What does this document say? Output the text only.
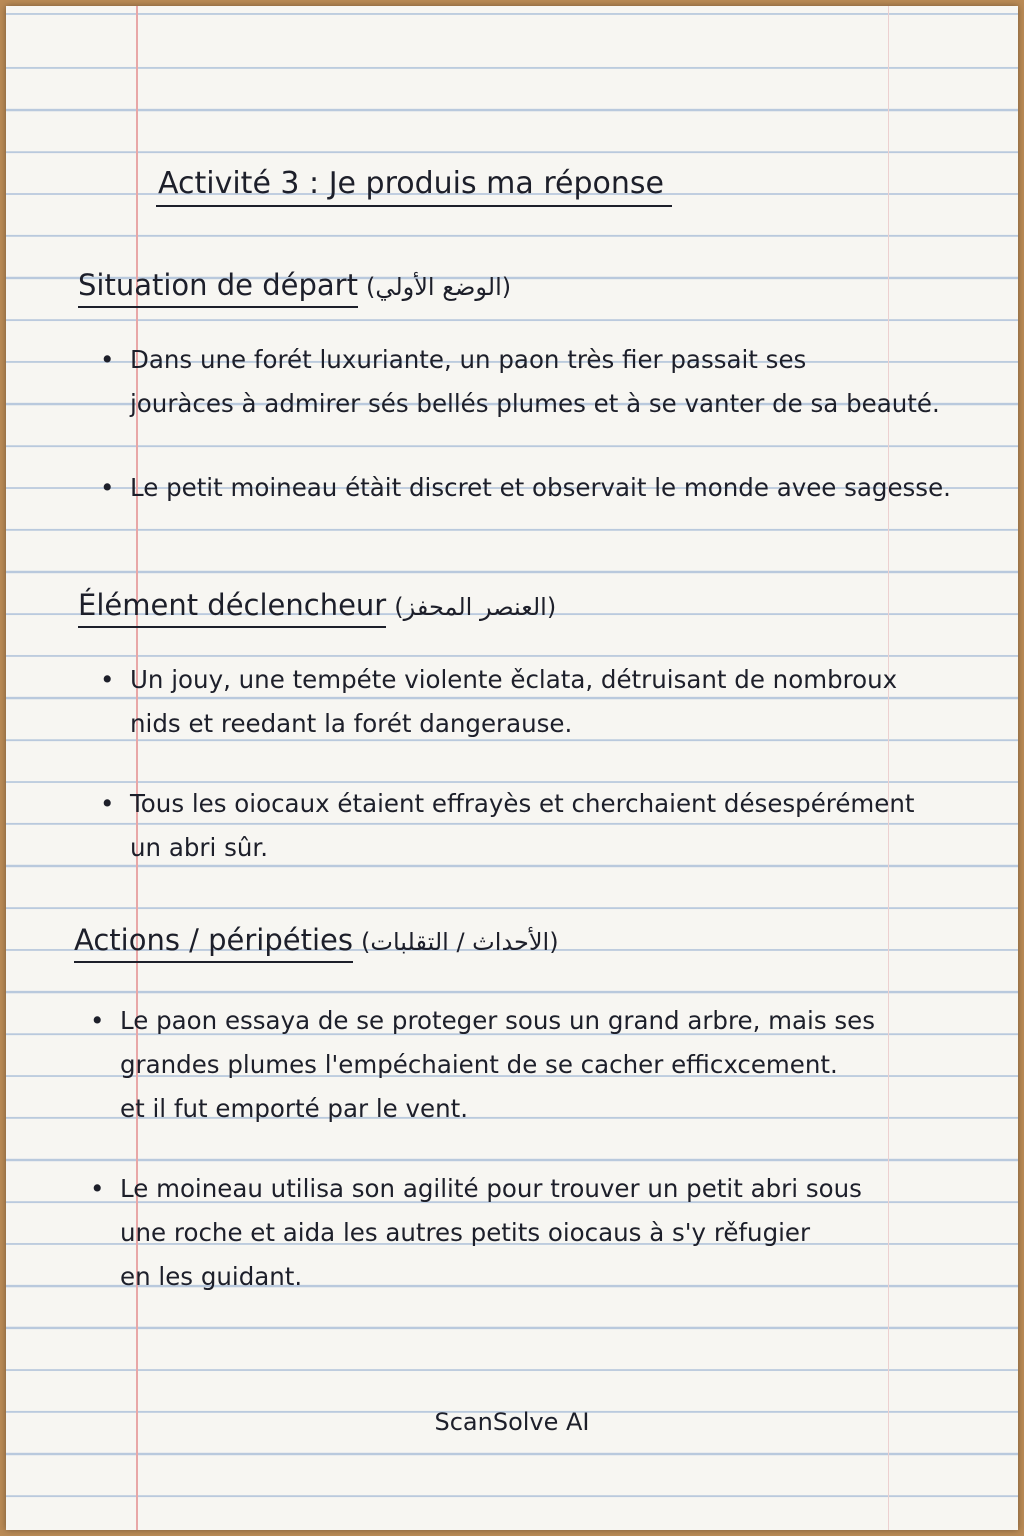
Activité 3 : Je produis ma réponse
Situation de départ (الوضع الأولي)
• Dans une forét luxuriante, un paon très fier passait ses
jouràces à admirer sés bellés plumes et à se vanter de sa beauté.
• Le petit moineau étàit discret et observait le monde avee sagesse.
Élément déclencheur (العنصر المحفز)
• Un jouy, une tempéte violente ěclata, détruisant de nombroux
nids et reedant la forét dangerause.
• Tous les oiocaux étaient effrayès et cherchaient désespérément
un abri sûr.
Actions / péripéties (الأحداث / التقلبات)
• Le paon essaya de se proteger sous un grand arbre, mais ses
grandes plumes l'empéchaient de se cacher efficxcement.
et il fut emporté par le vent.
• Le moineau utilisa son agilité pour trouver un petit abri sous
une roche et aida les autres petits oiocaus à s'y rěfugier
en les guidant.
ScanSolve AI
